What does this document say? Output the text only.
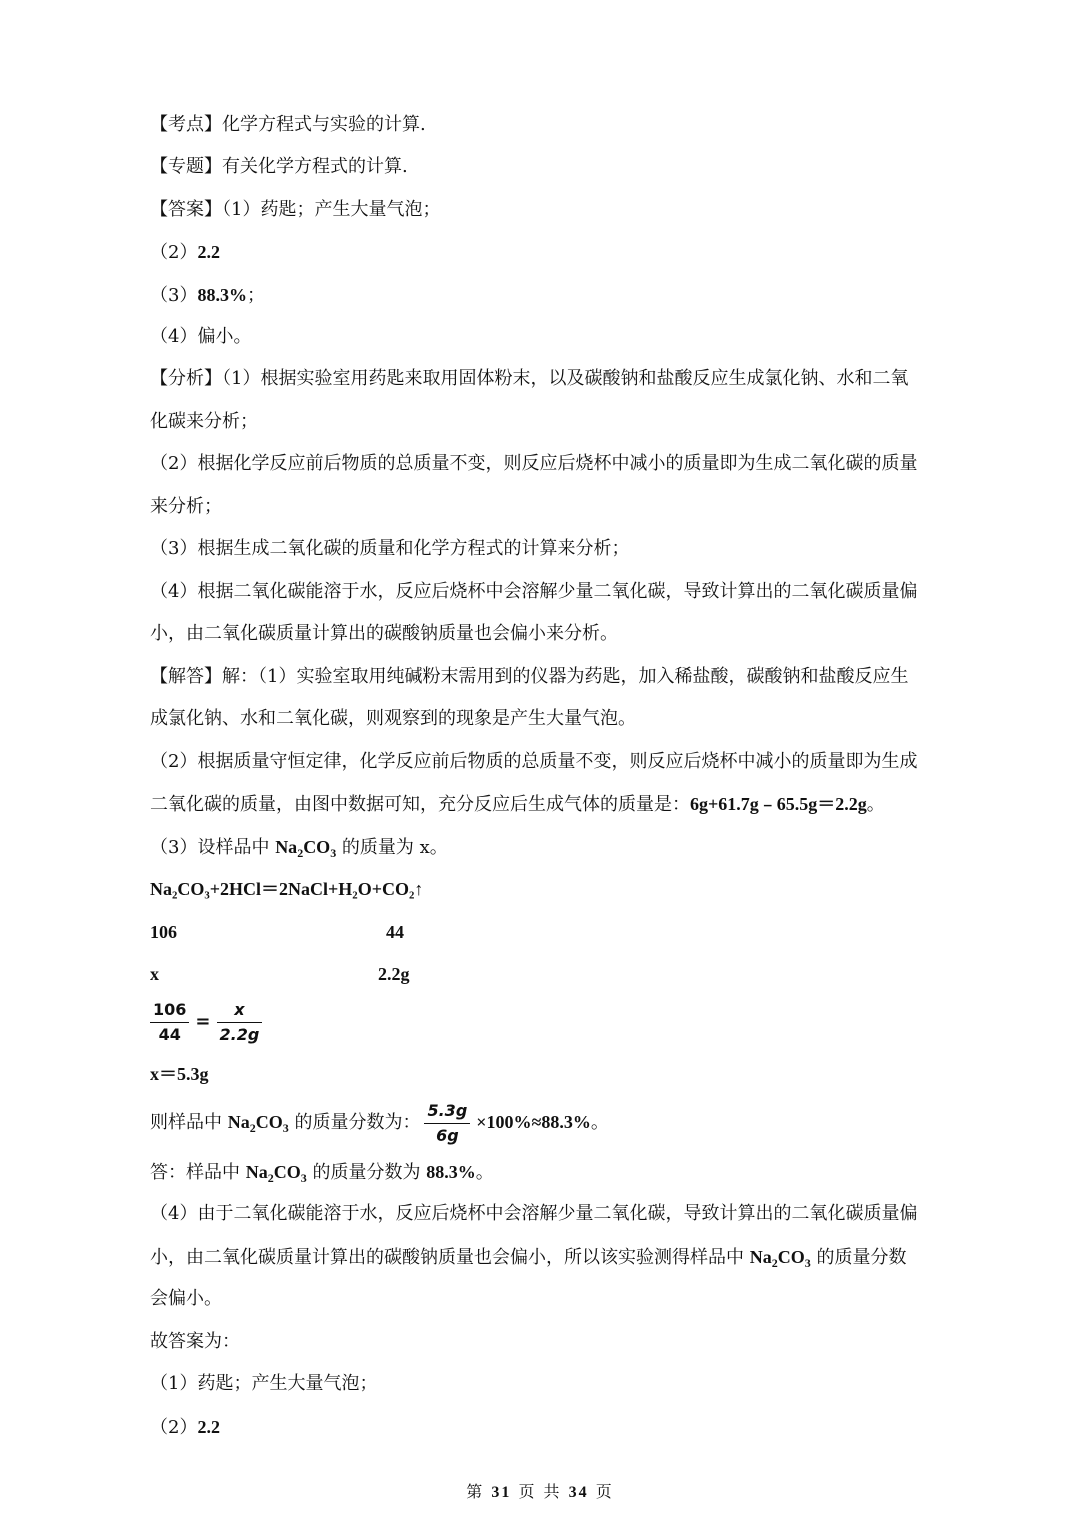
【考点】化学方程式与实验的计算.
【专题】有关化学方程式的计算.
【答案】（1）药匙；产生大量气泡；
（2）2.2
（3）88.3%；
（4）偏小。
【分析】（1）根据实验室用药匙来取用固体粉末，以及碳酸钠和盐酸反应生成氯化钠、水和二氧
化碳来分析；
（2）根据化学反应前后物质的总质量不变，则反应后烧杯中减小的质量即为生成二氧化碳的质量
来分析；
（3）根据生成二氧化碳的质量和化学方程式的计算来分析；
（4）根据二氧化碳能溶于水，反应后烧杯中会溶解少量二氧化碳，导致计算出的二氧化碳质量偏
小，由二氧化碳质量计算出的碳酸钠质量也会偏小来分析。
【解答】解：（1）实验室取用纯碱粉末需用到的仪器为药匙，加入稀盐酸，碳酸钠和盐酸反应生
成氯化钠、水和二氧化碳，则观察到的现象是产生大量气泡。
（2）根据质量守恒定律，化学反应前后物质的总质量不变，则反应后烧杯中减小的质量即为生成
二氧化碳的质量，由图中数据可知，充分反应后生成气体的质量是：6g+61.7g﹣65.5g＝2.2g。
（3）设样品中 $Na_2CO_3$ 的质量为 x。
Na₂CO₃+2HCl＝2NaCl+H₂O+CO₂↑
106	44
x	2.2g
$\frac{106}{44} = \frac{x}{2.2g}$
x＝5.3g
则样品中 $Na_2CO_3$ 的质量分数为： $\frac{5.3g}{6g} \times 100\%\approx 88.3\%$。
答：样品中 $Na_2CO_3$ 的质量分数为 88.3%。
（4）由于二氧化碳能溶于水，反应后烧杯中会溶解少量二氧化碳，导致计算出的二氧化碳质量偏
小，由二氧化碳质量计算出的碳酸钠质量也会偏小，所以该实验测得样品中 $Na_2CO_3$ 的质量分数
会偏小。
故答案为：
（1）药匙；产生大量气泡；
（2）2.2
第 31 页 共 34 页
